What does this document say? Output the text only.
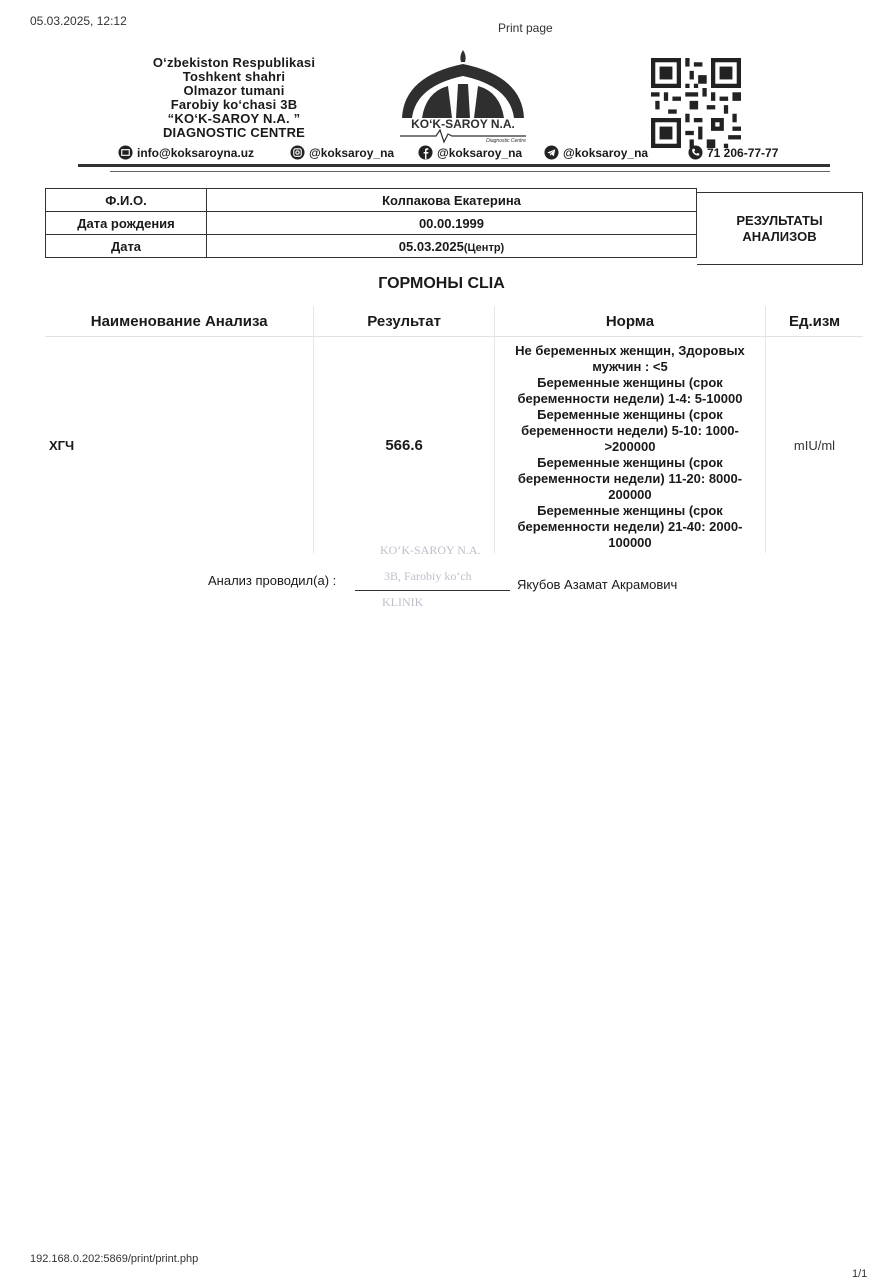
05.03.2025, 12:12	Print page
O‘zbekiston Respublikasi
Toshkent shahri
Olmazor tumani
Farobiy ko‘chasi 3B
“KO‘K-SAROY N.A. ”
DIAGNOSTIC CENTRE
KO‘K-SAROY N.A.
Diagnostic Centre
info@koksaroyna.uz	@koksaroy_na	@koksaroy_na	@koksaroy_na	71 206-77-77
Ф.И.О.	Колпакова Екатерина
Дата рождения	00.00.1999
Дата	05.03.2025(Центр)
РЕЗУЛЬТАТЫ АНАЛИЗОВ
ГОРМОНЫ CLIA
Наименование Анализа	Результат	Норма	Ед.изм
ХГЧ	566.6	Не беременных женщин, Здоровых мужчин : <5
Беременные женщины (срок беременности недели) 1-4: 5-10000
Беременные женщины (срок беременности недели) 5-10: 1000->200000
Беременные женщины (срок беременности недели) 11-20: 8000-200000
Беременные женщины (срок беременности недели) 21-40: 2000-100000	mIU/ml
Анализ проводил(а) :	Якубов Азамат Акрамович
KO‘K-SAROY N.A.
3B, Farobiy ko‘ch
KLINIK
192.168.0.202:5869/print/print.php
1/1
